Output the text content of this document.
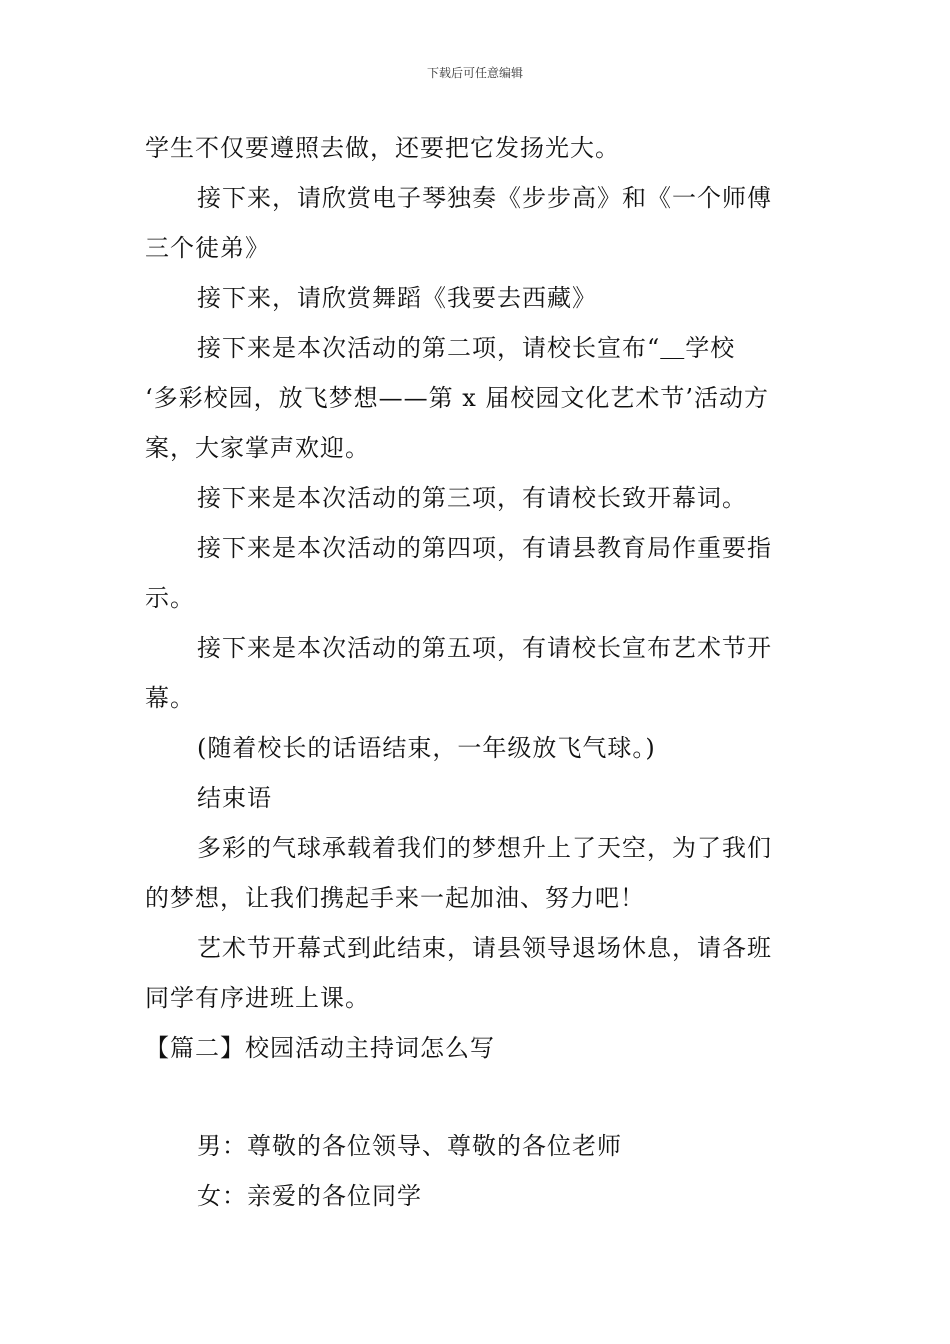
下载后可任意编辑
学生不仅要遵照去做，还要把它发扬光大。
接下来，请欣赏电子琴独奏《步步高》和《一个师傅
三个徒弟》
接下来，请欣赏舞蹈《我要去西藏》
接下来是本次活动的第二项，请校长宣布“＿学校
‘多彩校园，放飞梦想——第 x 届校园文化艺术节’活动方
案，大家掌声欢迎。
接下来是本次活动的第三项，有请校长致开幕词。
接下来是本次活动的第四项，有请县教育局作重要指
示。
接下来是本次活动的第五项，有请校长宣布艺术节开
幕。
(随着校长的话语结束，一年级放飞气球。)
结束语
多彩的气球承载着我们的梦想升上了天空，为了我们
的梦想，让我们携起手来一起加油、努力吧！
艺术节开幕式到此结束，请县领导退场休息，请各班
同学有序进班上课。
【篇二】校园活动主持词怎么写
男：尊敬的各位领导、尊敬的各位老师
女：亲爱的各位同学
